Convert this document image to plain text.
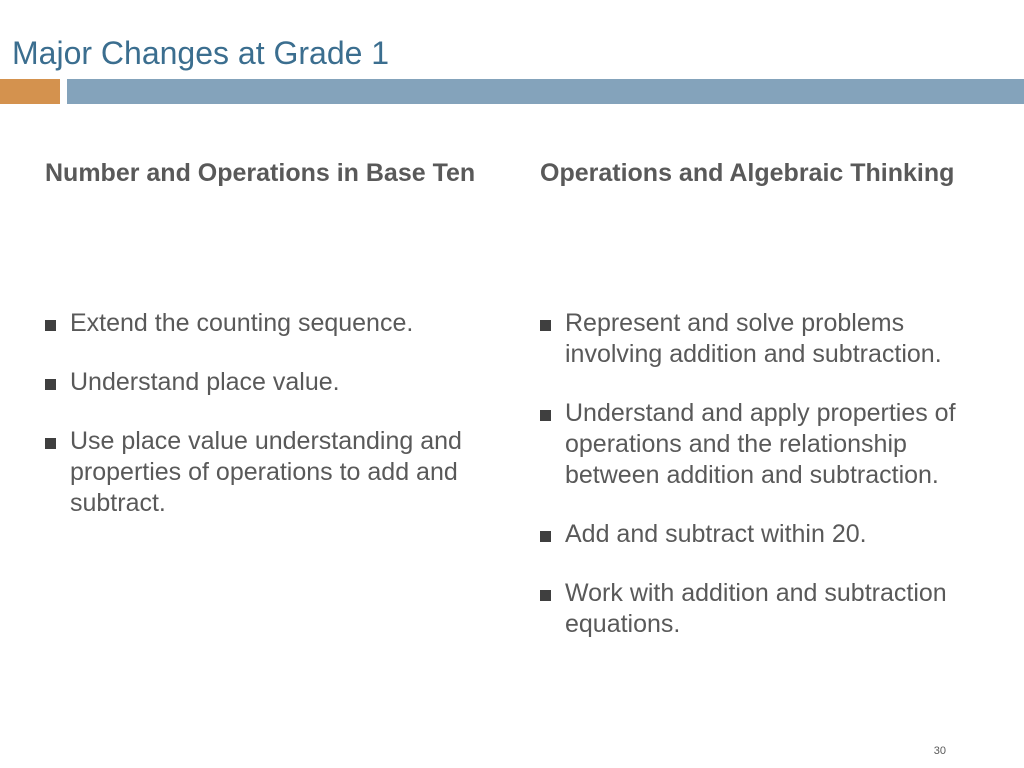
Major Changes at Grade 1
Number and Operations in Base Ten
Extend the counting sequence.
Understand place value.
Use place value understanding and properties of operations to add and subtract.
Operations and Algebraic Thinking
Represent and solve problems involving addition and subtraction.
Understand and apply properties of operations and the relationship between addition and subtraction.
Add and subtract within 20.
Work with addition and subtraction equations.
30
